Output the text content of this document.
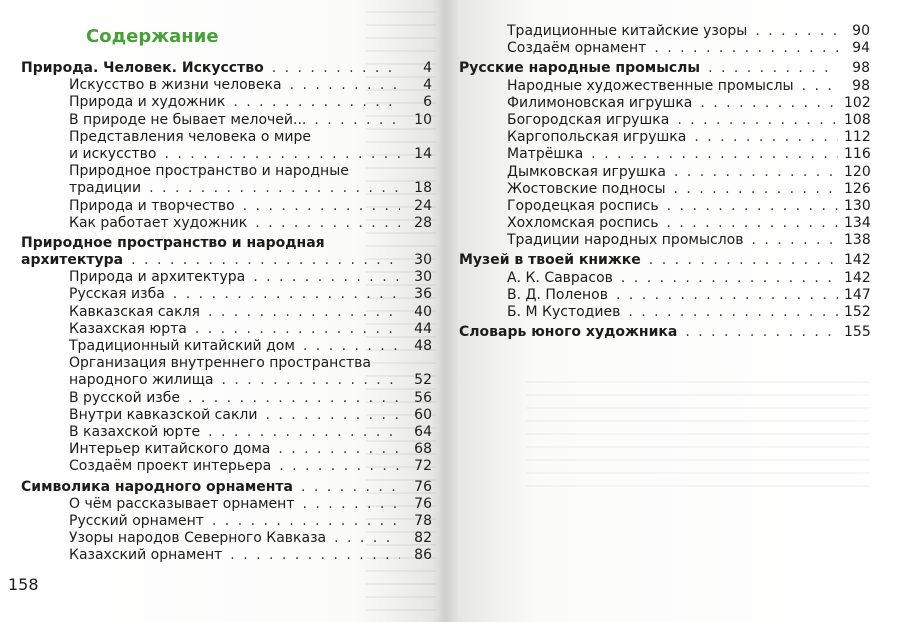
Содержание
Природа. Человек. Искусство . . .	4
Искусство в жизни человека . . .	4
Природа и художник . . .	6
В природе не бывает мелочей... . . .	10
Представления человека о мире
и искусство . . .	14
Природное пространство и народные
традиции . . .	18
Природа и творчество . . .	24
Как работает художник . . .	28
Природное пространство и народная
архитектура . . .	30
Природа и архитектура . . .	30
Русская изба . . .	36
Кавказская сакля . . .	40
Казахская юрта . . .	44
Традиционный китайский дом . . .	48
Организация внутреннего пространства
народного жилища . . .	52
В русской избе . . .	56
Внутри кавказской сакли . . .	60
В казахской юрте . . .	64
Интерьер китайского дома . . .	68
Создаём проект интерьера . . .	72
Символика народного орнамента . . .	76
О чём рассказывает орнамент . . .	76
Русский орнамент . . .	78
Узоры народов Северного Кавказа . . .	82
Казахский орнамент . . .	86
158
Традиционные китайские узоры . . .	90
Создаём орнамент . . .	94
Русские народные промыслы . . .	98
Народные художественные промыслы . . .	98
Филимоновская игрушка . . .	102
Богородская игрушка . . .	108
Каргопольская игрушка . . .	112
Матрёшка . . .	116
Дымковская игрушка . . .	120
Жостовские подносы . . .	126
Городецкая роспись . . .	130
Хохломская роспись . . .	134
Традиции народных промыслов . . .	138
Музей в твоей книжке . . .	142
А. К. Саврасов . . .	142
В. Д. Поленов . . .	147
Б. М Кустодиев . . .	152
Словарь юного художника . . .	155
